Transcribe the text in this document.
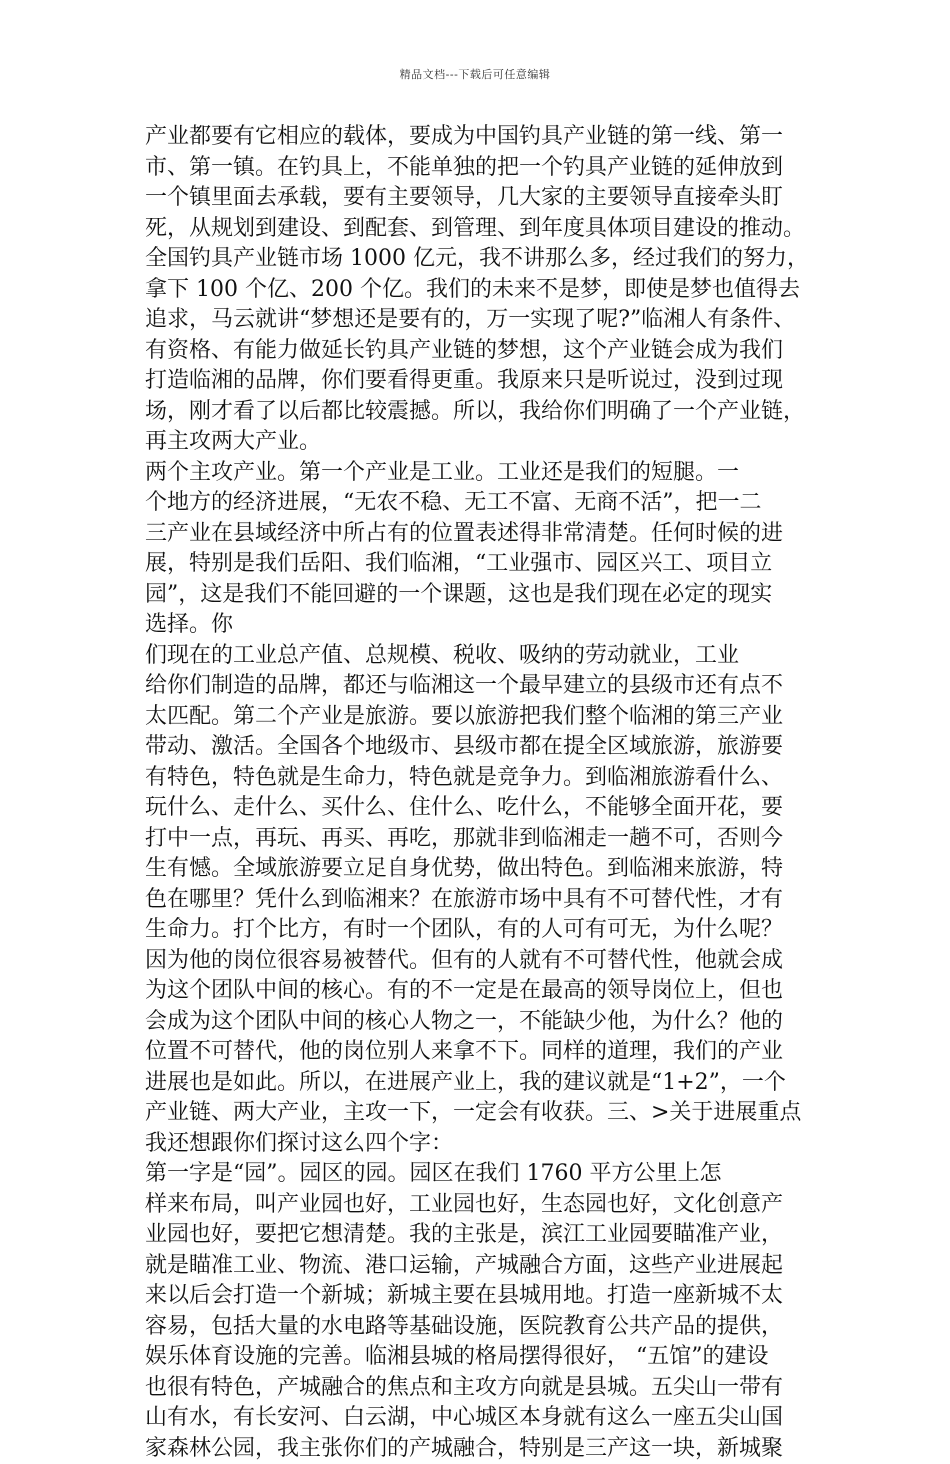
精品文档---下载后可任意编辑
产业都要有它相应的载体，要成为中国钓具产业链的第一线、第一
市、第一镇。在钓具上，不能单独的把一个钓具产业链的延伸放到
一个镇里面去承载，要有主要领导，几大家的主要领导直接牵头盯
死，从规划到建设、到配套、到管理、到年度具体项目建设的推动。
全国钓具产业链市场 1000 亿元，我不讲那么多，经过我们的努力，
拿下 100 个亿、200 个亿。我们的未来不是梦，即使是梦也值得去
追求，马云就讲“梦想还是要有的，万一实现了呢?”临湘人有条件、
有资格、有能力做延长钓具产业链的梦想，这个产业链会成为我们
打造临湘的品牌，你们要看得更重。我原来只是听说过，没到过现
场，刚才看了以后都比较震撼。所以，我给你们明确了一个产业链，
再主攻两大产业。
两个主攻产业。第一个产业是工业。工业还是我们的短腿。一
个地方的经济进展，“无农不稳、无工不富、无商不活”，把一二
三产业在县域经济中所占有的位置表述得非常清楚。任何时候的进
展，特别是我们岳阳、我们临湘，“工业强市、园区兴工、项目立
园”，这是我们不能回避的一个课题，这也是我们现在必定的现实
选择。你
们现在的工业总产值、总规模、税收、吸纳的劳动就业，工业
给你们制造的品牌，都还与临湘这一个最早建立的县级市还有点不
太匹配。第二个产业是旅游。要以旅游把我们整个临湘的第三产业
带动、激活。全国各个地级市、县级市都在提全区域旅游，旅游要
有特色，特色就是生命力，特色就是竞争力。到临湘旅游看什么、
玩什么、走什么、买什么、住什么、吃什么，不能够全面开花，要
打中一点，再玩、再买、再吃，那就非到临湘走一趟不可，否则今
生有憾。全域旅游要立足自身优势，做出特色。到临湘来旅游，特
色在哪里？凭什么到临湘来？在旅游市场中具有不可替代性，才有
生命力。打个比方，有时一个团队，有的人可有可无，为什么呢？
因为他的岗位很容易被替代。但有的人就有不可替代性，他就会成
为这个团队中间的核心。有的不一定是在最高的领导岗位上，但也
会成为这个团队中间的核心人物之一，不能缺少他，为什么？他的
位置不可替代，他的岗位别人来拿不下。同样的道理，我们的产业
进展也是如此。所以，在进展产业上，我的建议就是“1+2”，一个
产业链、两大产业，主攻一下，一定会有收获。三、>关于进展重点
我还想跟你们探讨这么四个字：
第一字是“园”。园区的园。园区在我们 1760 平方公里上怎
样来布局，叫产业园也好，工业园也好，生态园也好，文化创意产
业园也好，要把它想清楚。我的主张是，滨江工业园要瞄准产业，
就是瞄准工业、物流、港口运输，产城融合方面，这些产业进展起
来以后会打造一个新城；新城主要在县城用地。打造一座新城不太
容易，包括大量的水电路等基础设施，医院教育公共产品的提供，
娱乐体育设施的完善。临湘县城的格局摆得很好， “五馆”的建设
也很有特色，产城融合的焦点和主攻方向就是县城。五尖山一带有
山有水，有长安河、白云湖，中心城区本身就有这么一座五尖山国
家森林公园，我主张你们的产城融合，特别是三产这一块，新城聚
